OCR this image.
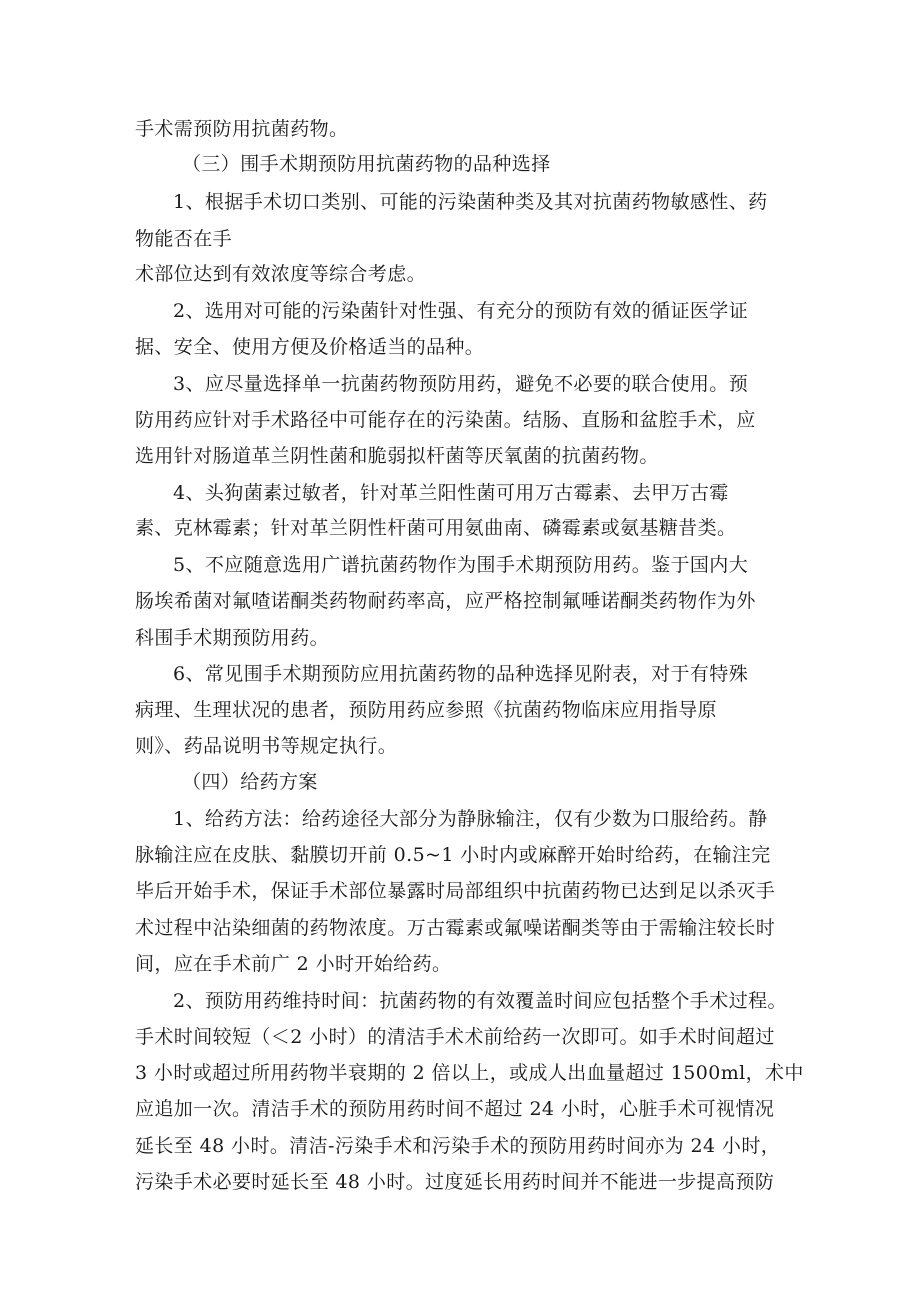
手术需预防用抗菌药物。
（三）围手术期预防用抗菌药物的品种选择
1、根据手术切口类别、可能的污染菌种类及其对抗菌药物敏感性、药
物能否在手
术部位达到有效浓度等综合考虑。
2、选用对可能的污染菌针对性强、有充分的预防有效的循证医学证
据、安全、使用方便及价格适当的品种。
3、应尽量选择单一抗菌药物预防用药，避免不必要的联合使用。预
防用药应针对手术路径中可能存在的污染菌。结肠、直肠和盆腔手术，应
选用针对肠道革兰阴性菌和脆弱拟杆菌等厌氧菌的抗菌药物。
4、头狗菌素过敏者，针对革兰阳性菌可用万古霉素、去甲万古霉
素、克林霉素；针对革兰阴性杆菌可用氨曲南、磷霉素或氨基糖昔类。
5、不应随意选用广谱抗菌药物作为围手术期预防用药。鉴于国内大
肠埃希菌对氟喳诺酮类药物耐药率高，应严格控制氟唾诺酮类药物作为外
科围手术期预防用药。
6、常见围手术期预防应用抗菌药物的品种选择见附表，对于有特殊
病理、生理状况的患者，预防用药应参照《抗菌药物临床应用指导原
则》、药品说明书等规定执行。
（四）给药方案
1、给药方法：给药途径大部分为静脉输注，仅有少数为口服给药。静
脉输注应在皮肤、黏膜切开前 0.5~1 小时内或麻醉开始时给药，在输注完
毕后开始手术，保证手术部位暴露时局部组织中抗菌药物已达到足以杀灭手
术过程中沾染细菌的药物浓度。万古霉素或氟噪诺酮类等由于需输注较长时
间，应在手术前广 2 小时开始给药。
2、预防用药维持时间：抗菌药物的有效覆盖时间应包括整个手术过程。
手术时间较短（＜2 小时）的清洁手术术前给药一次即可。如手术时间超过
3 小时或超过所用药物半衰期的 2 倍以上，或成人出血量超过 1500ml，术中
应追加一次。清洁手术的预防用药时间不超过 24 小时，心脏手术可视情况
延长至 48 小时。清洁-污染手术和污染手术的预防用药时间亦为 24 小时，
污染手术必要时延长至 48 小时。过度延长用药时间并不能进一步提高预防
